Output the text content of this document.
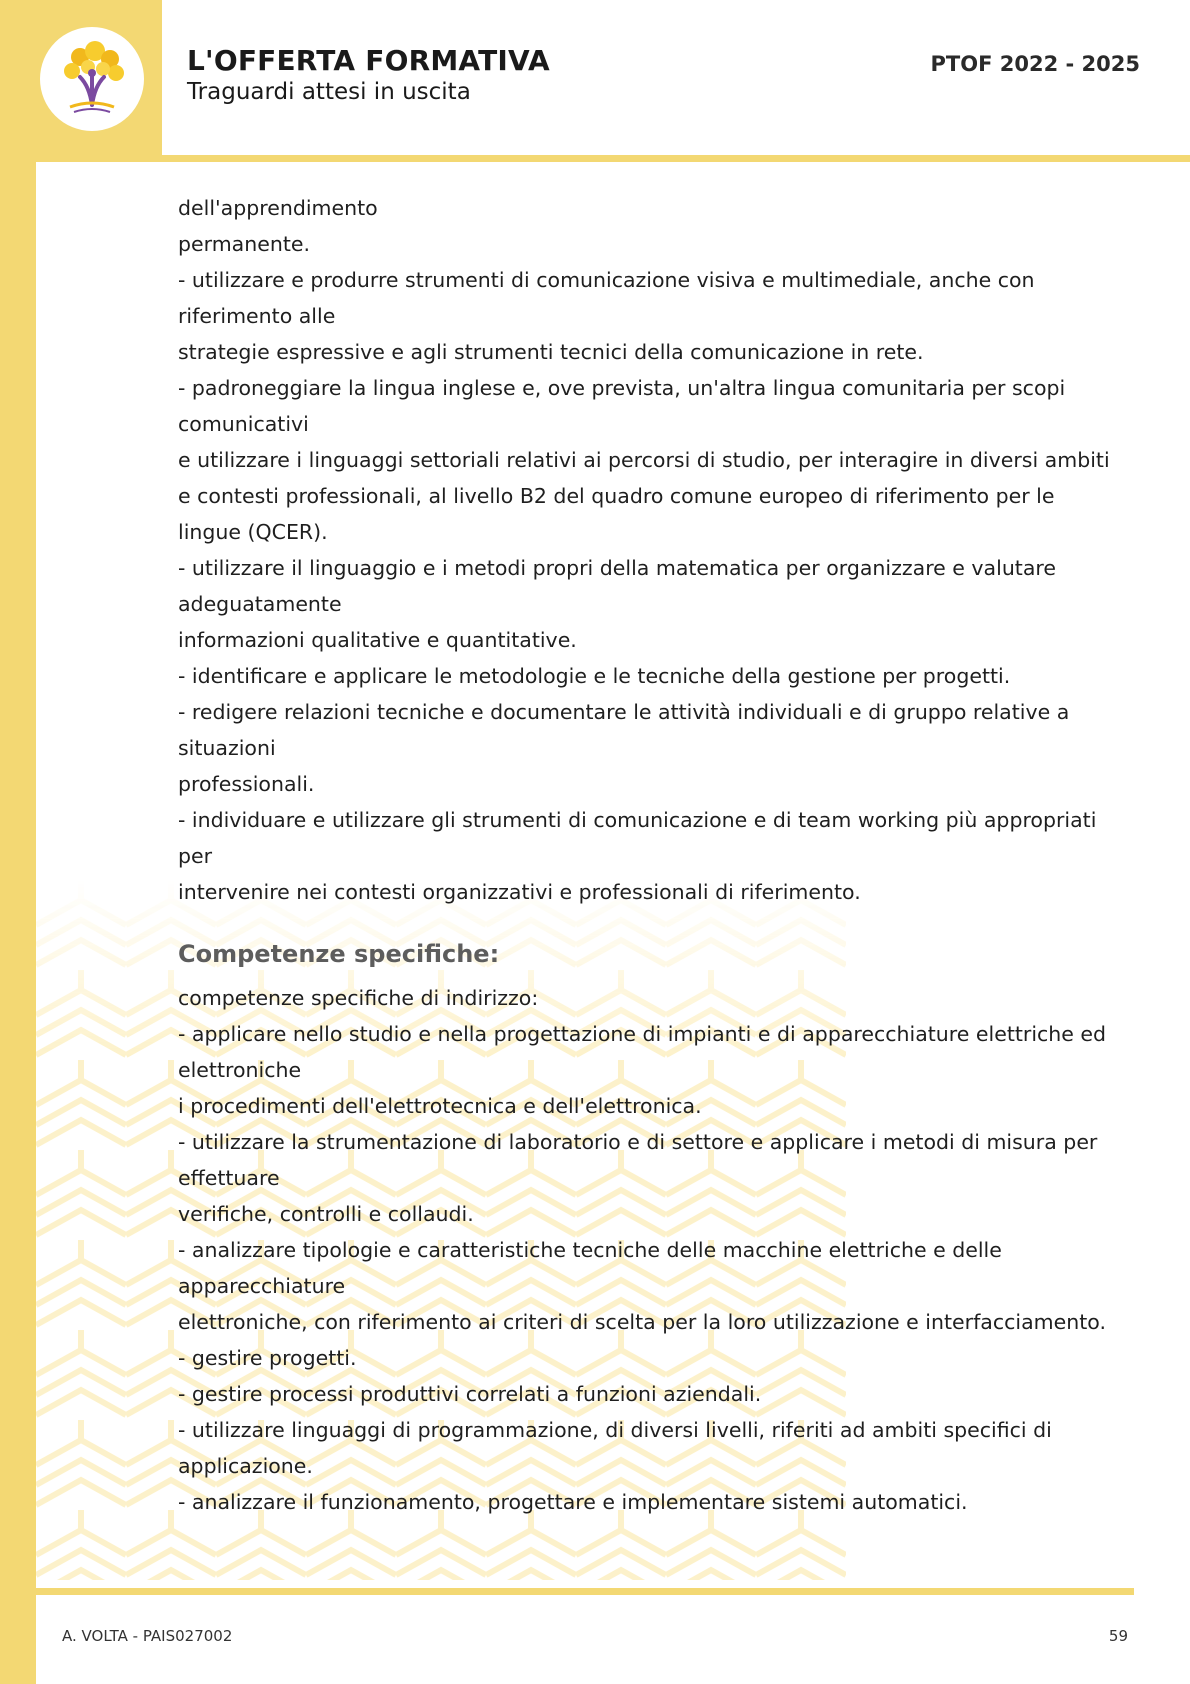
L'OFFERTA FORMATIVA
Traguardi attesi in uscita
PTOF 2022 - 2025
dell'apprendimento
permanente.
- utilizzare e produrre strumenti di comunicazione visiva e multimediale, anche con
riferimento alle
strategie espressive e agli strumenti tecnici della comunicazione in rete.
- padroneggiare la lingua inglese e, ove prevista, un'altra lingua comunitaria per scopi
comunicativi
e utilizzare i linguaggi settoriali relativi ai percorsi di studio, per interagire in diversi ambiti
e contesti professionali, al livello B2 del quadro comune europeo di riferimento per le
lingue (QCER).
- utilizzare il linguaggio e i metodi propri della matematica per organizzare e valutare
adeguatamente
informazioni qualitative e quantitative.
- identificare e applicare le metodologie e le tecniche della gestione per progetti.
- redigere relazioni tecniche e documentare le attività individuali e di gruppo relative a
situazioni
professionali.
- individuare e utilizzare gli strumenti di comunicazione e di team working più appropriati
per
intervenire nei contesti organizzativi e professionali di riferimento.
Competenze specifiche:
competenze specifiche di indirizzo:
- applicare nello studio e nella progettazione di impianti e di apparecchiature elettriche ed
elettroniche
i procedimenti dell'elettrotecnica e dell'elettronica.
- utilizzare la strumentazione di laboratorio e di settore e applicare i metodi di misura per
effettuare
verifiche, controlli e collaudi.
- analizzare tipologie e caratteristiche tecniche delle macchine elettriche e delle
apparecchiature
elettroniche, con riferimento ai criteri di scelta per la loro utilizzazione e interfacciamento.
- gestire progetti.
- gestire processi produttivi correlati a funzioni aziendali.
- utilizzare linguaggi di programmazione, di diversi livelli, riferiti ad ambiti specifici di
applicazione.
- analizzare il funzionamento, progettare e implementare sistemi automatici.
A. VOLTA - PAIS027002	59
